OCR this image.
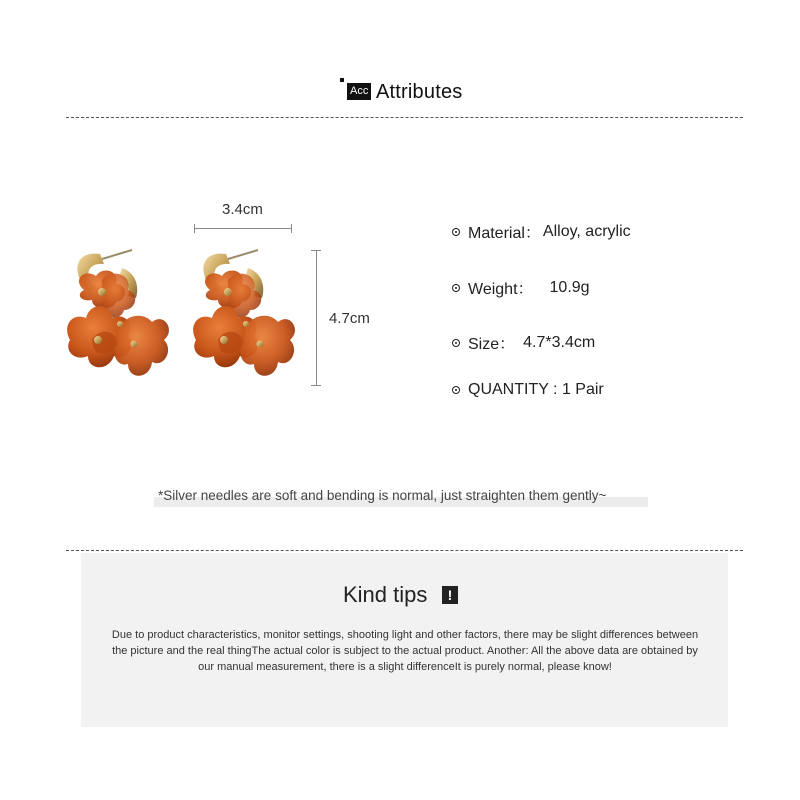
Acc Attributes
3.4cm
4.7cm
Material： Alloy, acrylic
Weight： 10.9g
Size： 4.7*3.4cm
QUANTITY : 1 Pair
*Silver needles are soft and bending is normal, just straighten them gently~
Kind tips	!
Due to product characteristics, monitor settings, shooting light and other factors, there may be slight differences between the picture and the real thingThe actual color is subject to the actual product. Another: All the above data are obtained by our manual measurement, there is a slight differenceIt is purely normal, please know!
